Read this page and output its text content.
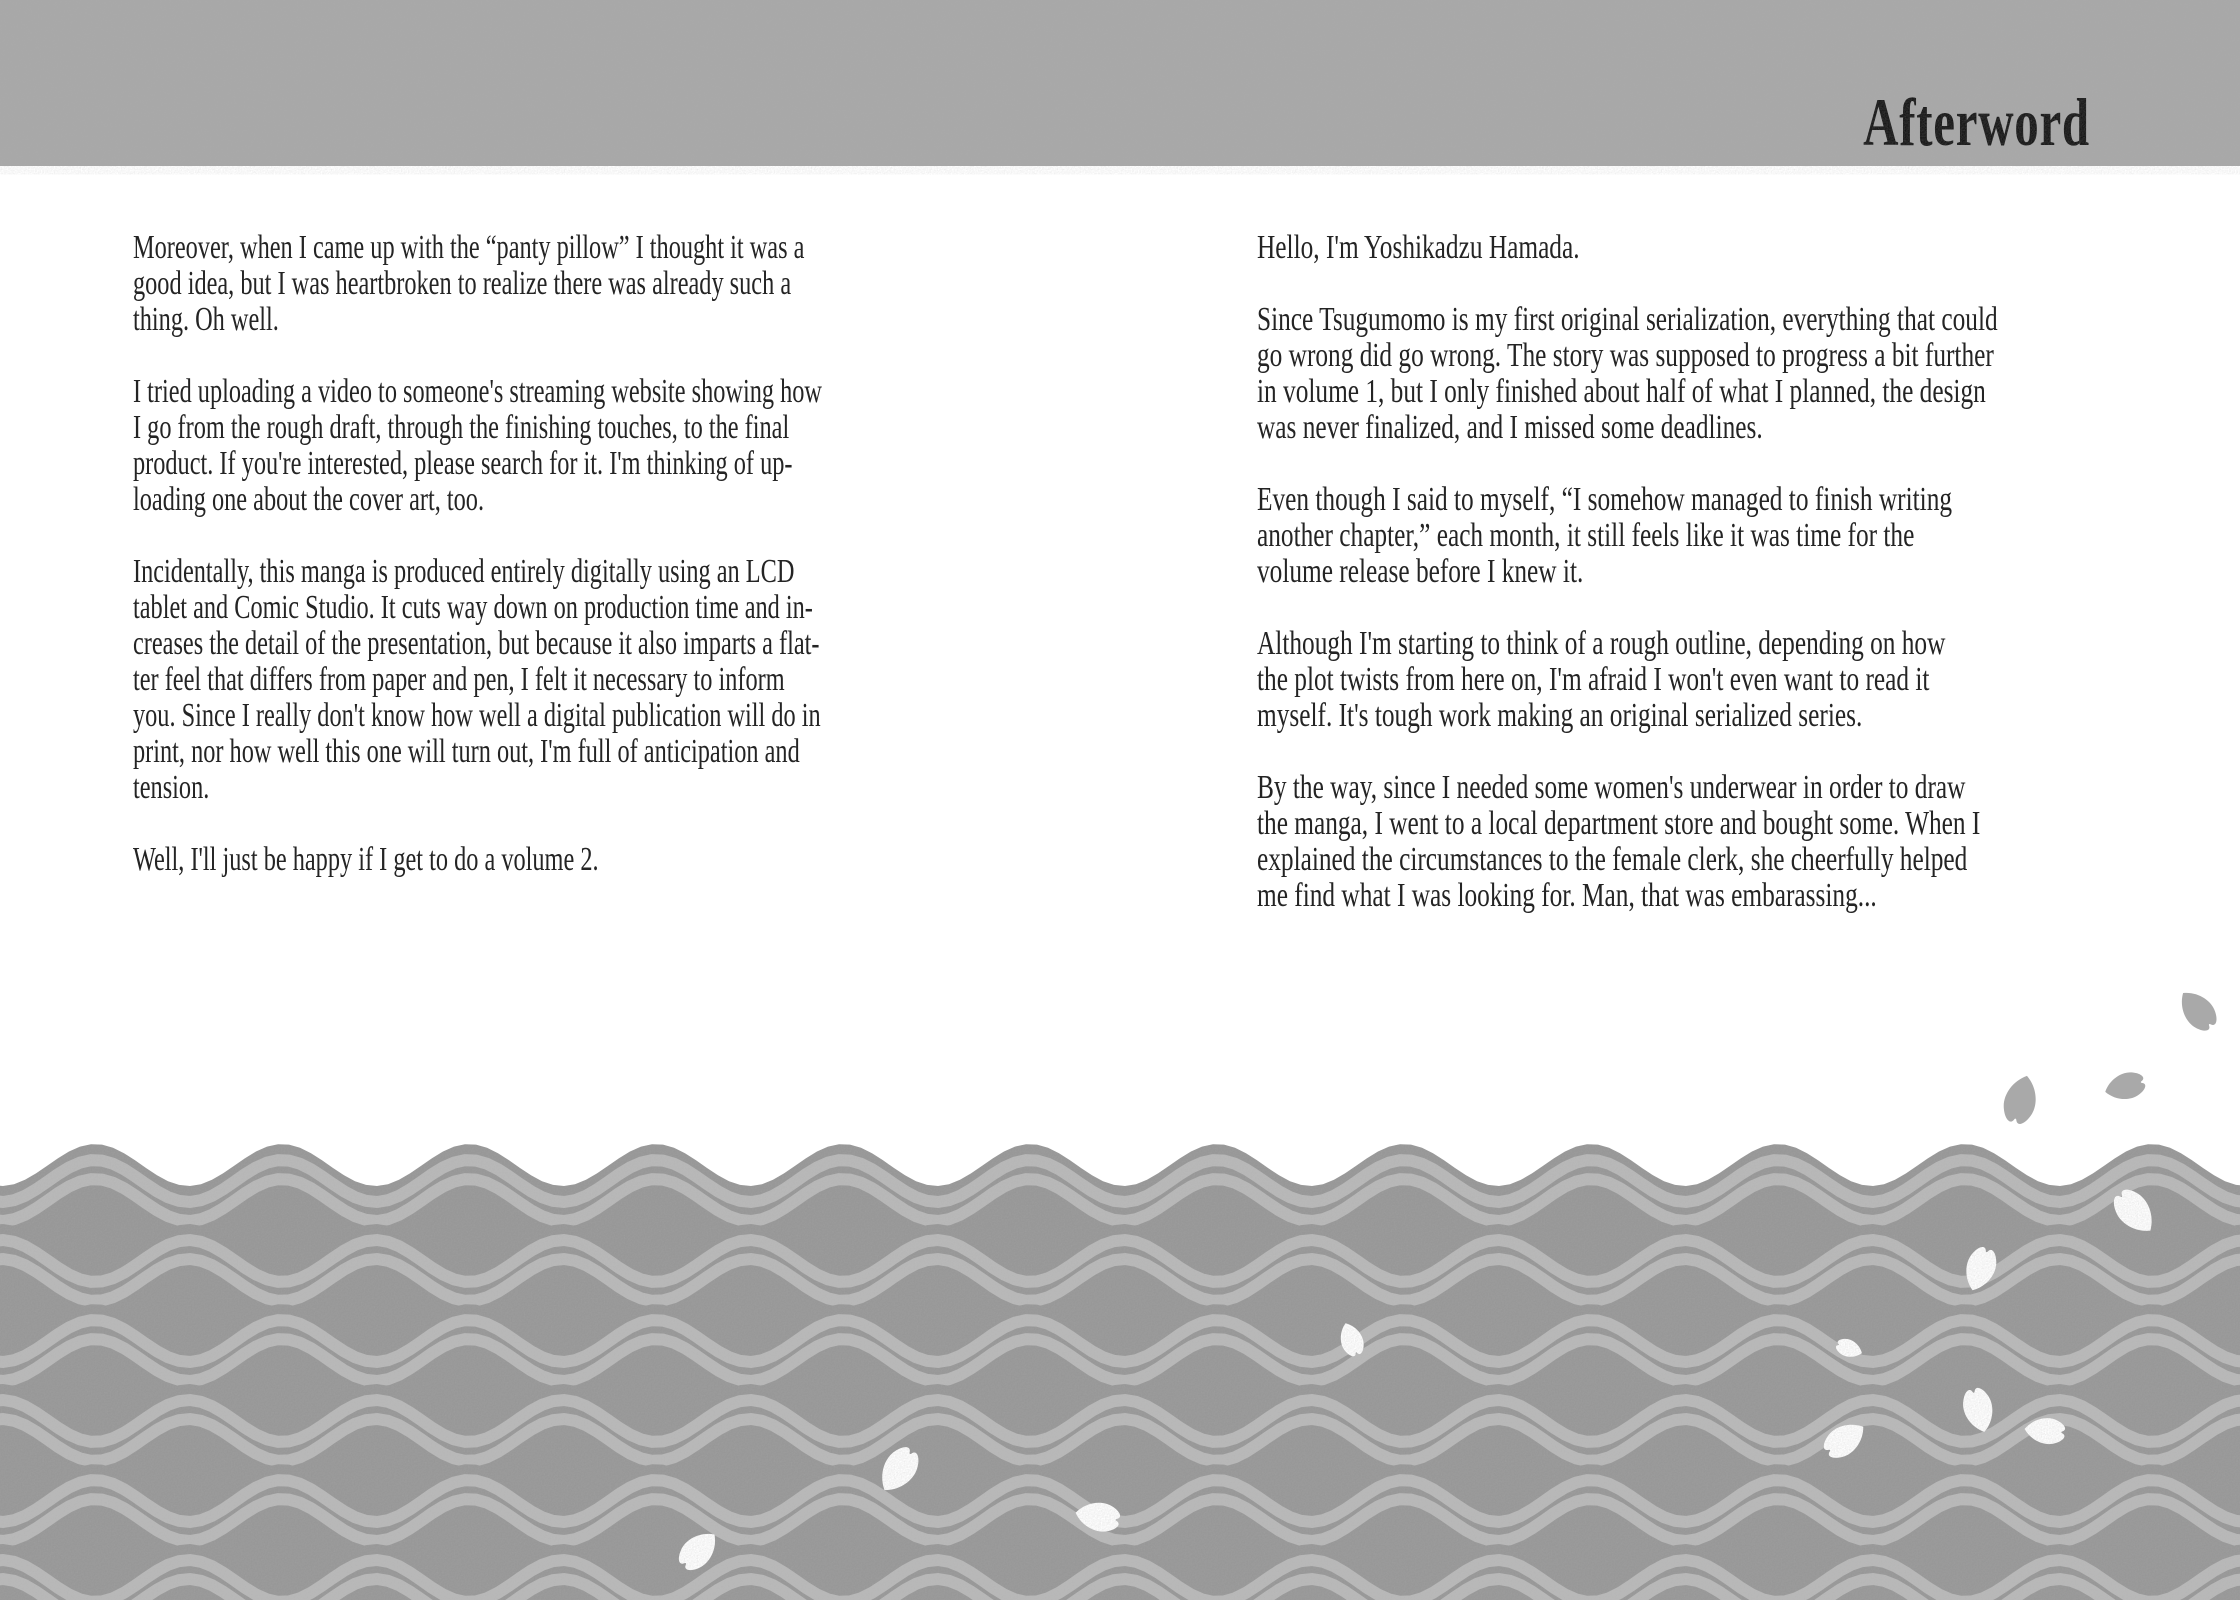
Afterword

Moreover, when I came up with the “panty pillow” I thought it was a
good idea, but I was heartbroken to realize there was already such a
thing. Oh well.

I tried uploading a video to someone's streaming website showing how
I go from the rough draft, through the finishing touches, to the final
product. If you're interested, please search for it. I'm thinking of up-
loading one about the cover art, too.

Incidentally, this manga is produced entirely digitally using an LCD
tablet and Comic Studio. It cuts way down on production time and in-
creases the detail of the presentation, but because it also imparts a flat-
ter feel that differs from paper and pen, I felt it necessary to inform
you. Since I really don't know how well a digital publication will do in
print, nor how well this one will turn out, I'm full of anticipation and
tension.

Well, I'll just be happy if I get to do a volume 2.

Hello, I'm Yoshikadzu Hamada.

Since Tsugumomo is my first original serialization, everything that could
go wrong did go wrong. The story was supposed to progress a bit further
in volume 1, but I only finished about half of what I planned, the design
was never finalized, and I missed some deadlines.

Even though I said to myself, “I somehow managed to finish writing
another chapter,” each month, it still feels like it was time for the
volume release before I knew it.

Although I'm starting to think of a rough outline, depending on how
the plot twists from here on, I'm afraid I won't even want to read it
myself. It's tough work making an original serialized series.

By the way, since I needed some women's underwear in order to draw
the manga, I went to a local department store and bought some. When I
explained the circumstances to the female clerk, she cheerfully helped
me find what I was looking for. Man, that was embarassing...
